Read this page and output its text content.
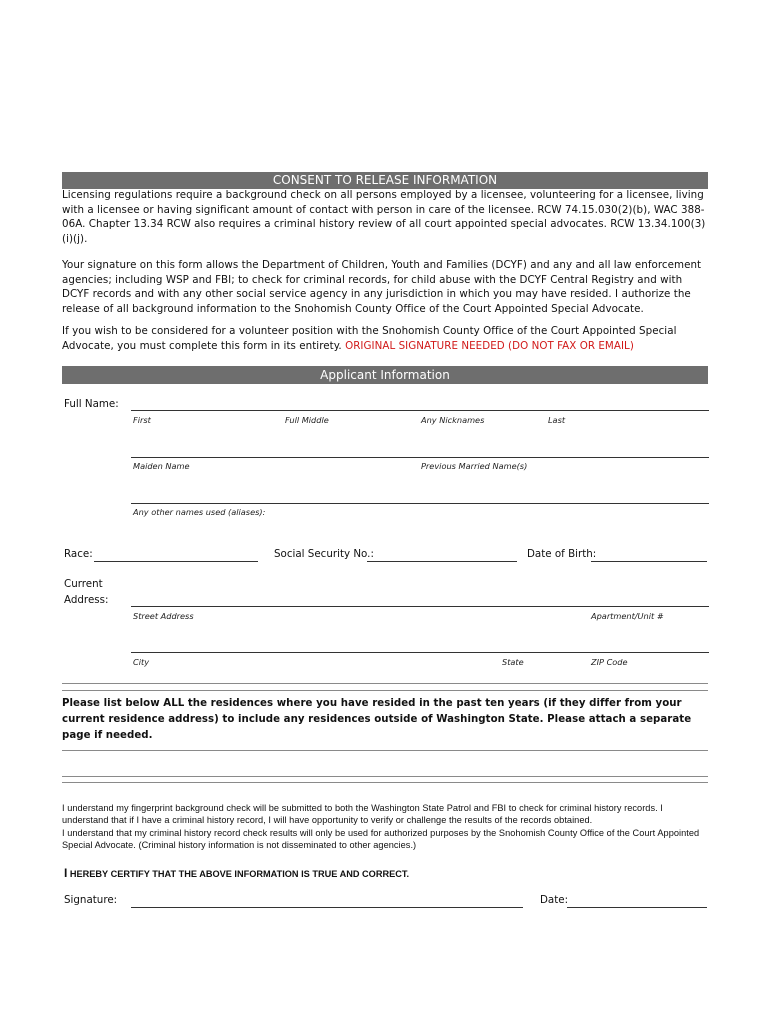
CONSENT TO RELEASE INFORMATION
Licensing regulations require a background check on all persons employed by a licensee, volunteering for a licensee, living with a licensee or having significant amount of contact with person in care of the licensee. RCW 74.15.030(2)(b), WAC 388-06A. Chapter 13.34 RCW also requires a criminal history review of all court appointed special advocates. RCW 13.34.100(3)(i)(j).
Your signature on this form allows the Department of Children, Youth and Families (DCYF) and any and all law enforcement agencies; including WSP and FBI; to check for criminal records, for child abuse with the DCYF Central Registry and with DCYF records and with any other social service agency in any jurisdiction in which you may have resided. I authorize the release of all background information to the Snohomish County Office of the Court Appointed Special Advocate.
If you wish to be considered for a volunteer position with the Snohomish County Office of the Court Appointed Special Advocate, you must complete this form in its entirety. ORIGINAL SIGNATURE NEEDED (DO NOT FAX OR EMAIL)
Applicant Information
Full Name:
First	Full Middle	Any Nicknames	Last
Maiden Name	Previous Married Name(s)
Any other names used (aliases):
Race:	Social Security No.:	Date of Birth:
Current
Address:
Street Address	Apartment/Unit #
City	State	ZIP Code
Please list below ALL the residences where you have resided in the past ten years (if they differ from your current residence address) to include any residences outside of Washington State. Please attach a separate page if needed.
I understand my fingerprint background check will be submitted to both the Washington State Patrol and FBI to check for criminal history records. I understand that if I have a criminal history record, I will have opportunity to verify or challenge the results of the records obtained.
I understand that my criminal history record check results will only be used for authorized purposes by the Snohomish County Office of the Court Appointed Special Advocate. (Criminal history information is not disseminated to other agencies.)
I HEREBY CERTIFY THAT THE ABOVE INFORMATION IS TRUE AND CORRECT.
Signature:	Date:
